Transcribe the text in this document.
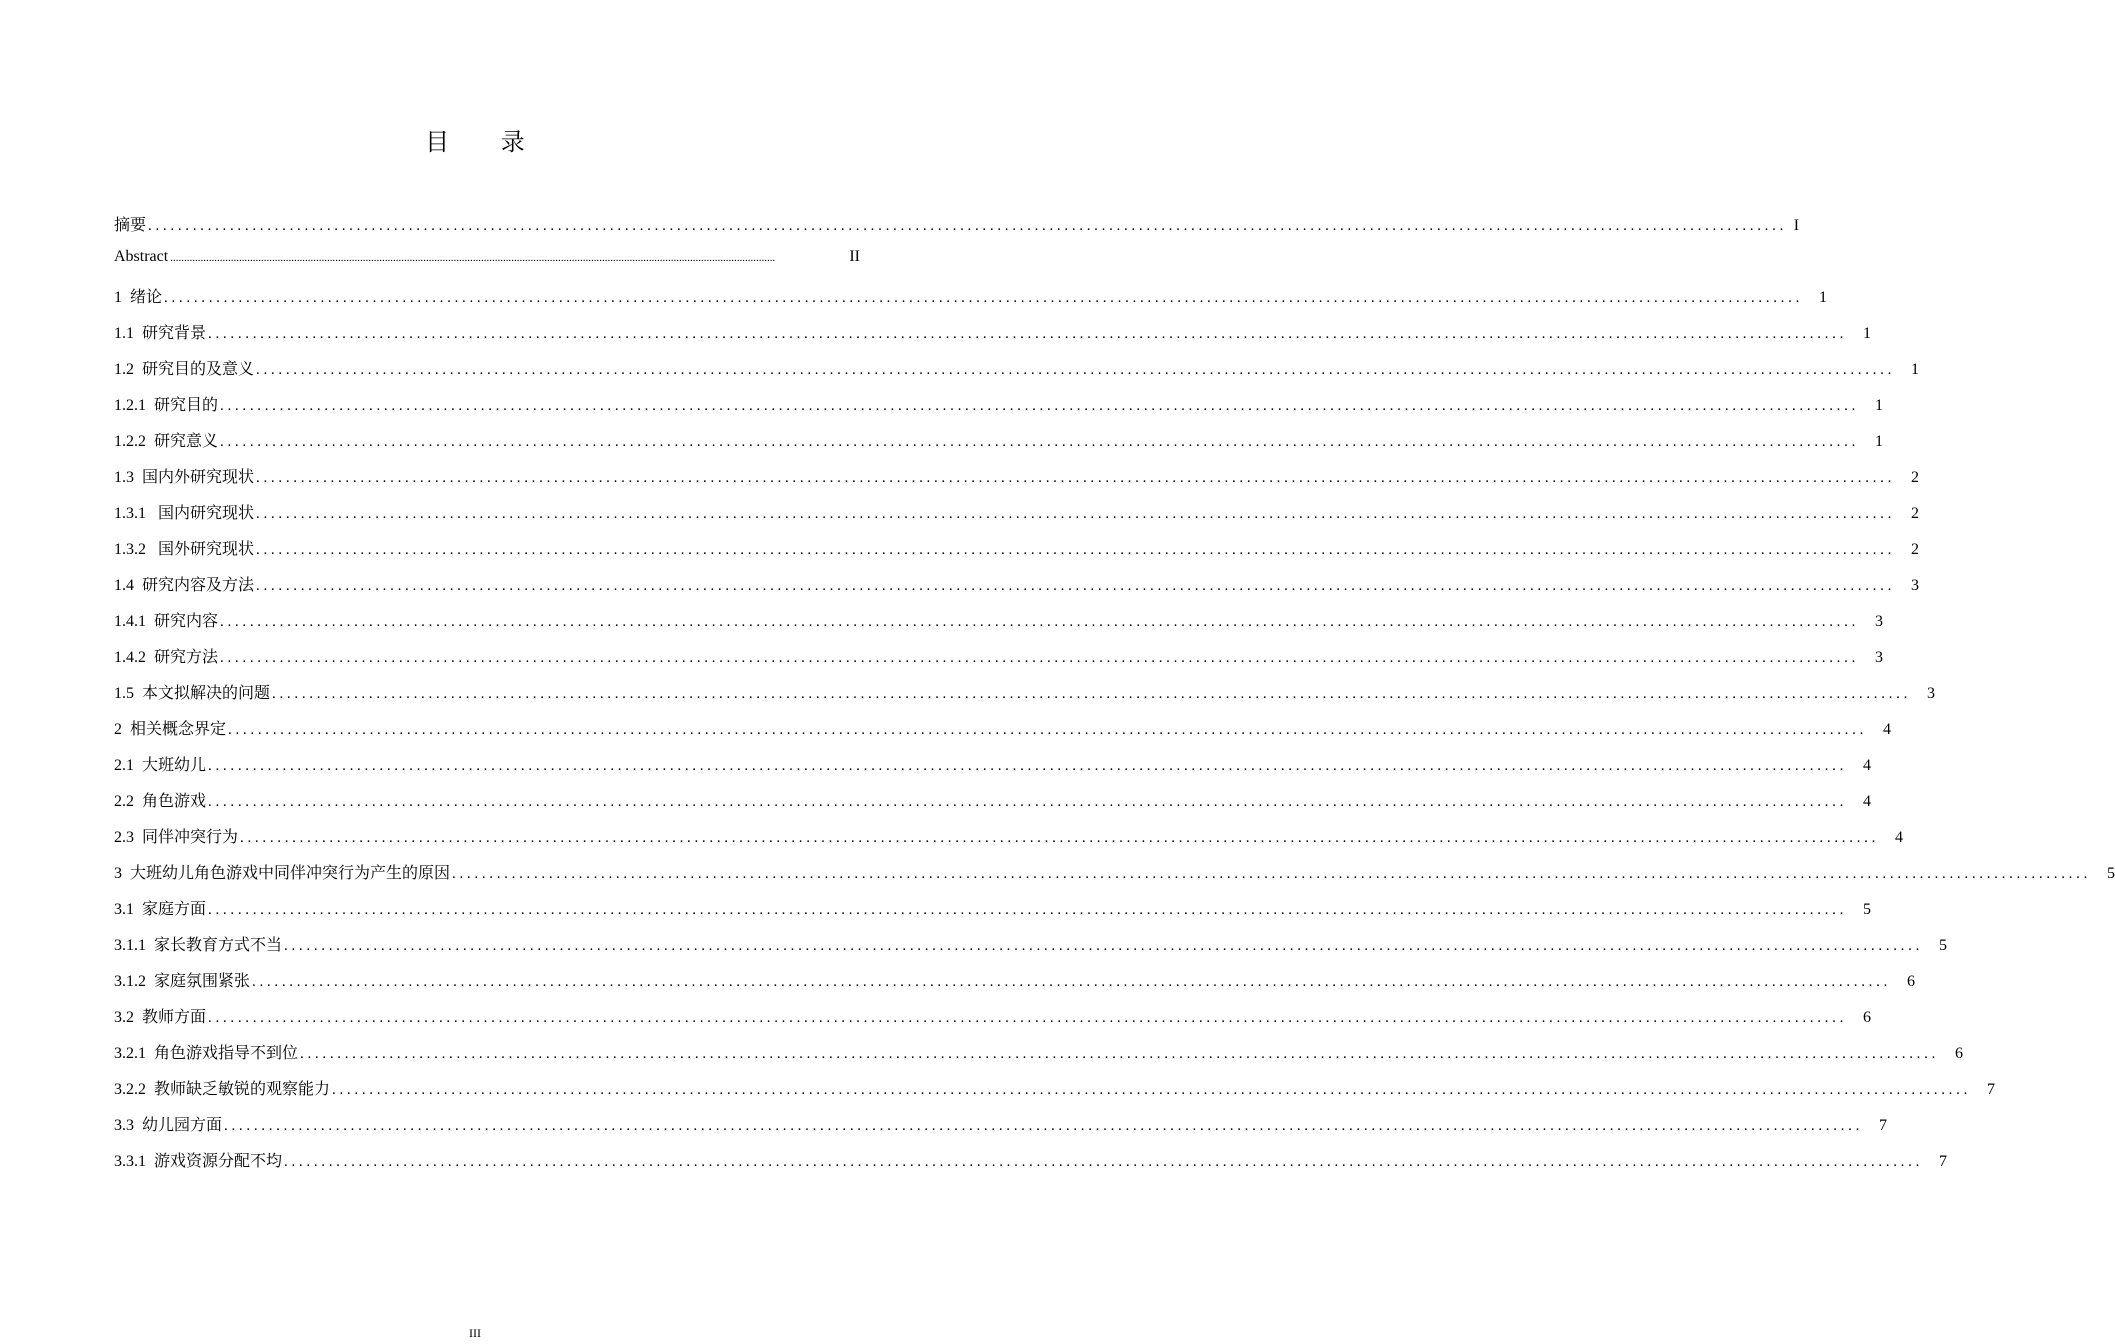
目 录
摘要 ............................................................................................................................................................................................................................ I
Abstract ............................................................................................................................................................................................................................	II
1 绪论 ............................................................................................................................................................................................................................	1
1.1 研究背景 ............................................................................................................................................................................................................................	1
1.2 研究目的及意义 ............................................................................................................................................................................................................................	1
1.2.1 研究目的 ............................................................................................................................................................................................................................	1
1.2.2 研究意义 ............................................................................................................................................................................................................................	1
1.3 国内外研究现状 ............................................................................................................................................................................................................................	2
1.3.1 国内研究现状 ............................................................................................................................................................................................................................	2
1.3.2 国外研究现状 ............................................................................................................................................................................................................................	2
1.4 研究内容及方法 ............................................................................................................................................................................................................................	3
1.4.1 研究内容 ............................................................................................................................................................................................................................	3
1.4.2 研究方法 ............................................................................................................................................................................................................................	3
1.5 本文拟解决的问题 ............................................................................................................................................................................................................................	3
2 相关概念界定 ............................................................................................................................................................................................................................	4
2.1 大班幼儿 ............................................................................................................................................................................................................................	4
2.2 角色游戏 ............................................................................................................................................................................................................................	4
2.3 同伴冲突行为 ............................................................................................................................................................................................................................	4
3 大班幼儿角色游戏中同伴冲突行为产生的原因 ............................................................................................................................................................................................................................	5
3.1 家庭方面 ............................................................................................................................................................................................................................	5
3.1.1 家长教育方式不当 ............................................................................................................................................................................................................................	5
3.1.2 家庭氛围紧张 ............................................................................................................................................................................................................................	6
3.2 教师方面 ............................................................................................................................................................................................................................	6
3.2.1 角色游戏指导不到位 ............................................................................................................................................................................................................................	6
3.2.2 教师缺乏敏锐的观察能力 ............................................................................................................................................................................................................................	7
3.3 幼儿园方面 ............................................................................................................................................................................................................................	7
3.3.1 游戏资源分配不均 ............................................................................................................................................................................................................................	7
III
